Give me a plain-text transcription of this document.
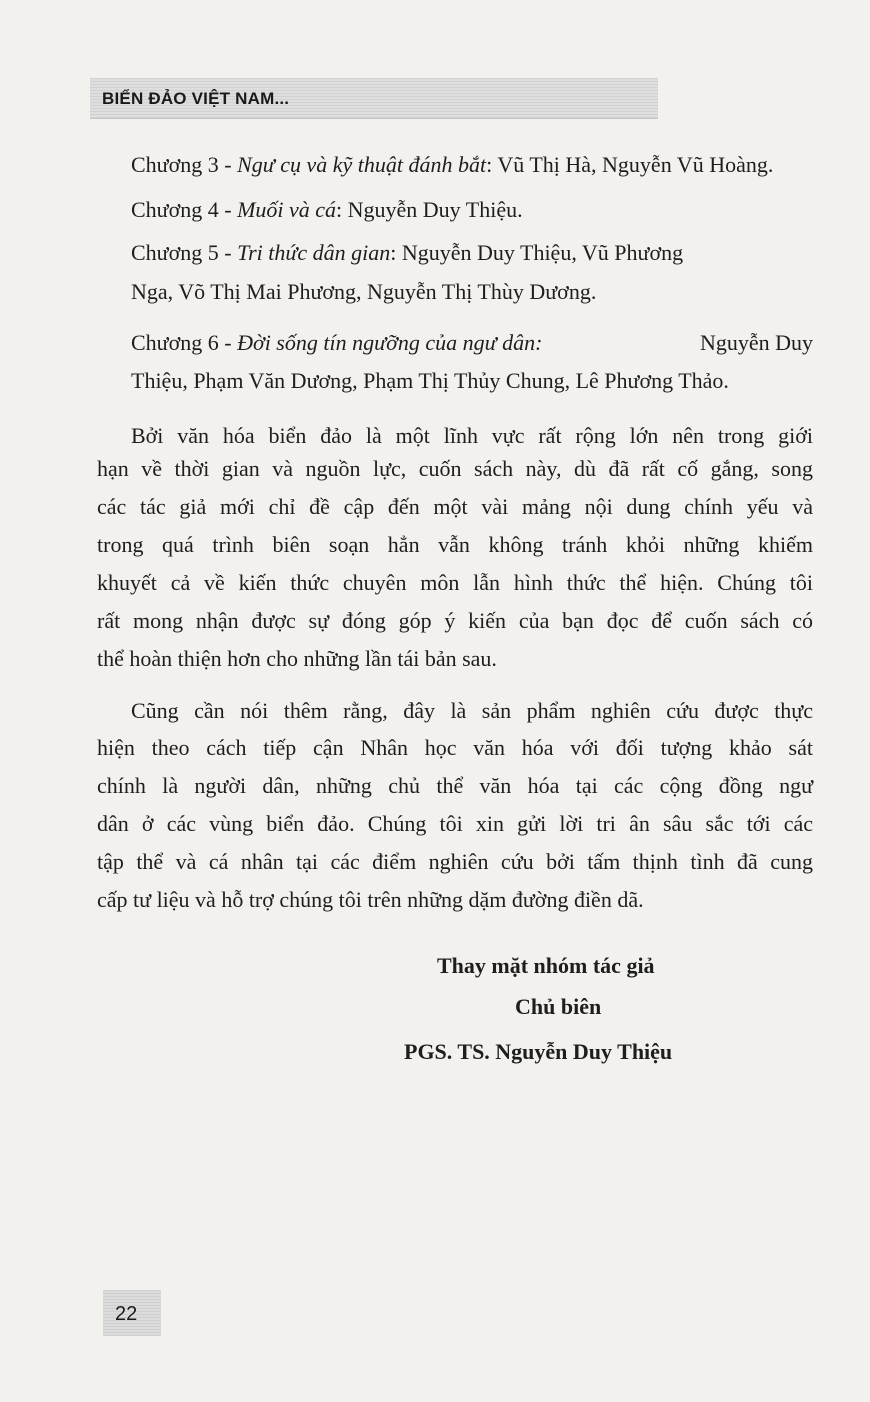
BIỂN ĐẢO VIỆT NAM...
Chương 3 - Ngư cụ và kỹ thuật đánh bắt: Vũ Thị Hà, Nguyễn Vũ Hoàng.
Chương 4 - Muối và cá: Nguyễn Duy Thiệu.
Chương 5 - Tri thức dân gian: Nguyễn Duy Thiệu, Vũ Phương
Nga, Võ Thị Mai Phương, Nguyễn Thị Thùy Dương.
Chương 6 - Đời sống tín ngưỡng của ngư dân:	Nguyễn Duy
Thiệu, Phạm Văn Dương, Phạm Thị Thủy Chung, Lê Phương Thảo.
Bởi văn hóa biển đảo là một lĩnh vực rất rộng lớn nên trong giới
hạn về thời gian và nguồn lực, cuốn sách này, dù đã rất cố gắng, song
các tác giả mới chỉ đề cập đến một vài mảng nội dung chính yếu và
trong quá trình biên soạn hẳn vẫn không tránh khỏi những khiếm
khuyết cả về kiến thức chuyên môn lẫn hình thức thể hiện. Chúng tôi
rất mong nhận được sự đóng góp ý kiến của bạn đọc để cuốn sách có
thể hoàn thiện hơn cho những lần tái bản sau.
Cũng cần nói thêm rằng, đây là sản phẩm nghiên cứu được thực
hiện theo cách tiếp cận Nhân học văn hóa với đối tượng khảo sát
chính là người dân, những chủ thể văn hóa tại các cộng đồng ngư
dân ở các vùng biển đảo. Chúng tôi xin gửi lời tri ân sâu sắc tới các
tập thể và cá nhân tại các điểm nghiên cứu bởi tấm thịnh tình đã cung
cấp tư liệu và hỗ trợ chúng tôi trên những dặm đường điền dã.
Thay mặt nhóm tác giả
Chủ biên
PGS. TS. Nguyễn Duy Thiệu
22
